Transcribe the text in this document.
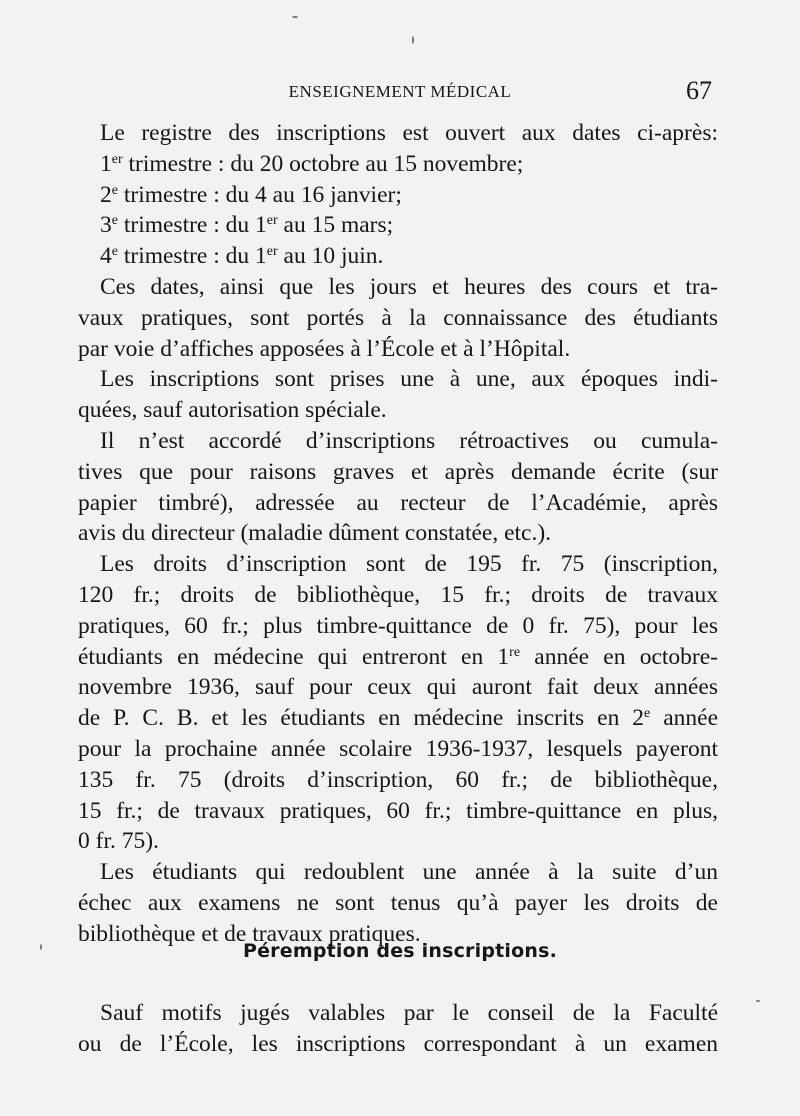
ENSEIGNEMENT MÉDICAL	67
Le registre des inscriptions est ouvert aux dates ci-après:
1er trimestre : du 20 octobre au 15 novembre;
2e trimestre : du 4 au 16 janvier;
3e trimestre : du 1er au 15 mars;
4e trimestre : du 1er au 10 juin.
Ces dates, ainsi que les jours et heures des cours et tra-
vaux pratiques, sont portés à la connaissance des étudiants
par voie d’affiches apposées à l’École et à l’Hôpital.
Les inscriptions sont prises une à une, aux époques indi-
quées, sauf autorisation spéciale.
Il n’est accordé d’inscriptions rétroactives ou cumula-
tives que pour raisons graves et après demande écrite (sur
papier timbré), adressée au recteur de l’Académie, après
avis du directeur (maladie dûment constatée, etc.).
Les droits d’inscription sont de 195 fr. 75 (inscription,
120 fr.; droits de bibliothèque, 15 fr.; droits de travaux
pratiques, 60 fr.; plus timbre-quittance de 0 fr. 75), pour les
étudiants en médecine qui entreront en 1re année en octobre-
novembre 1936, sauf pour ceux qui auront fait deux années
de P. C. B. et les étudiants en médecine inscrits en 2e année
pour la prochaine année scolaire 1936-1937, lesquels payeront
135 fr. 75 (droits d’inscription, 60 fr.; de bibliothèque,
15 fr.; de travaux pratiques, 60 fr.; timbre-quittance en plus,
0 fr. 75).
Les étudiants qui redoublent une année à la suite d’un
échec aux examens ne sont tenus qu’à payer les droits de
bibliothèque et de travaux pratiques.
Péremption des inscriptions.
Sauf motifs jugés valables par le conseil de la Faculté
ou de l’École, les inscriptions correspondant à un examen
